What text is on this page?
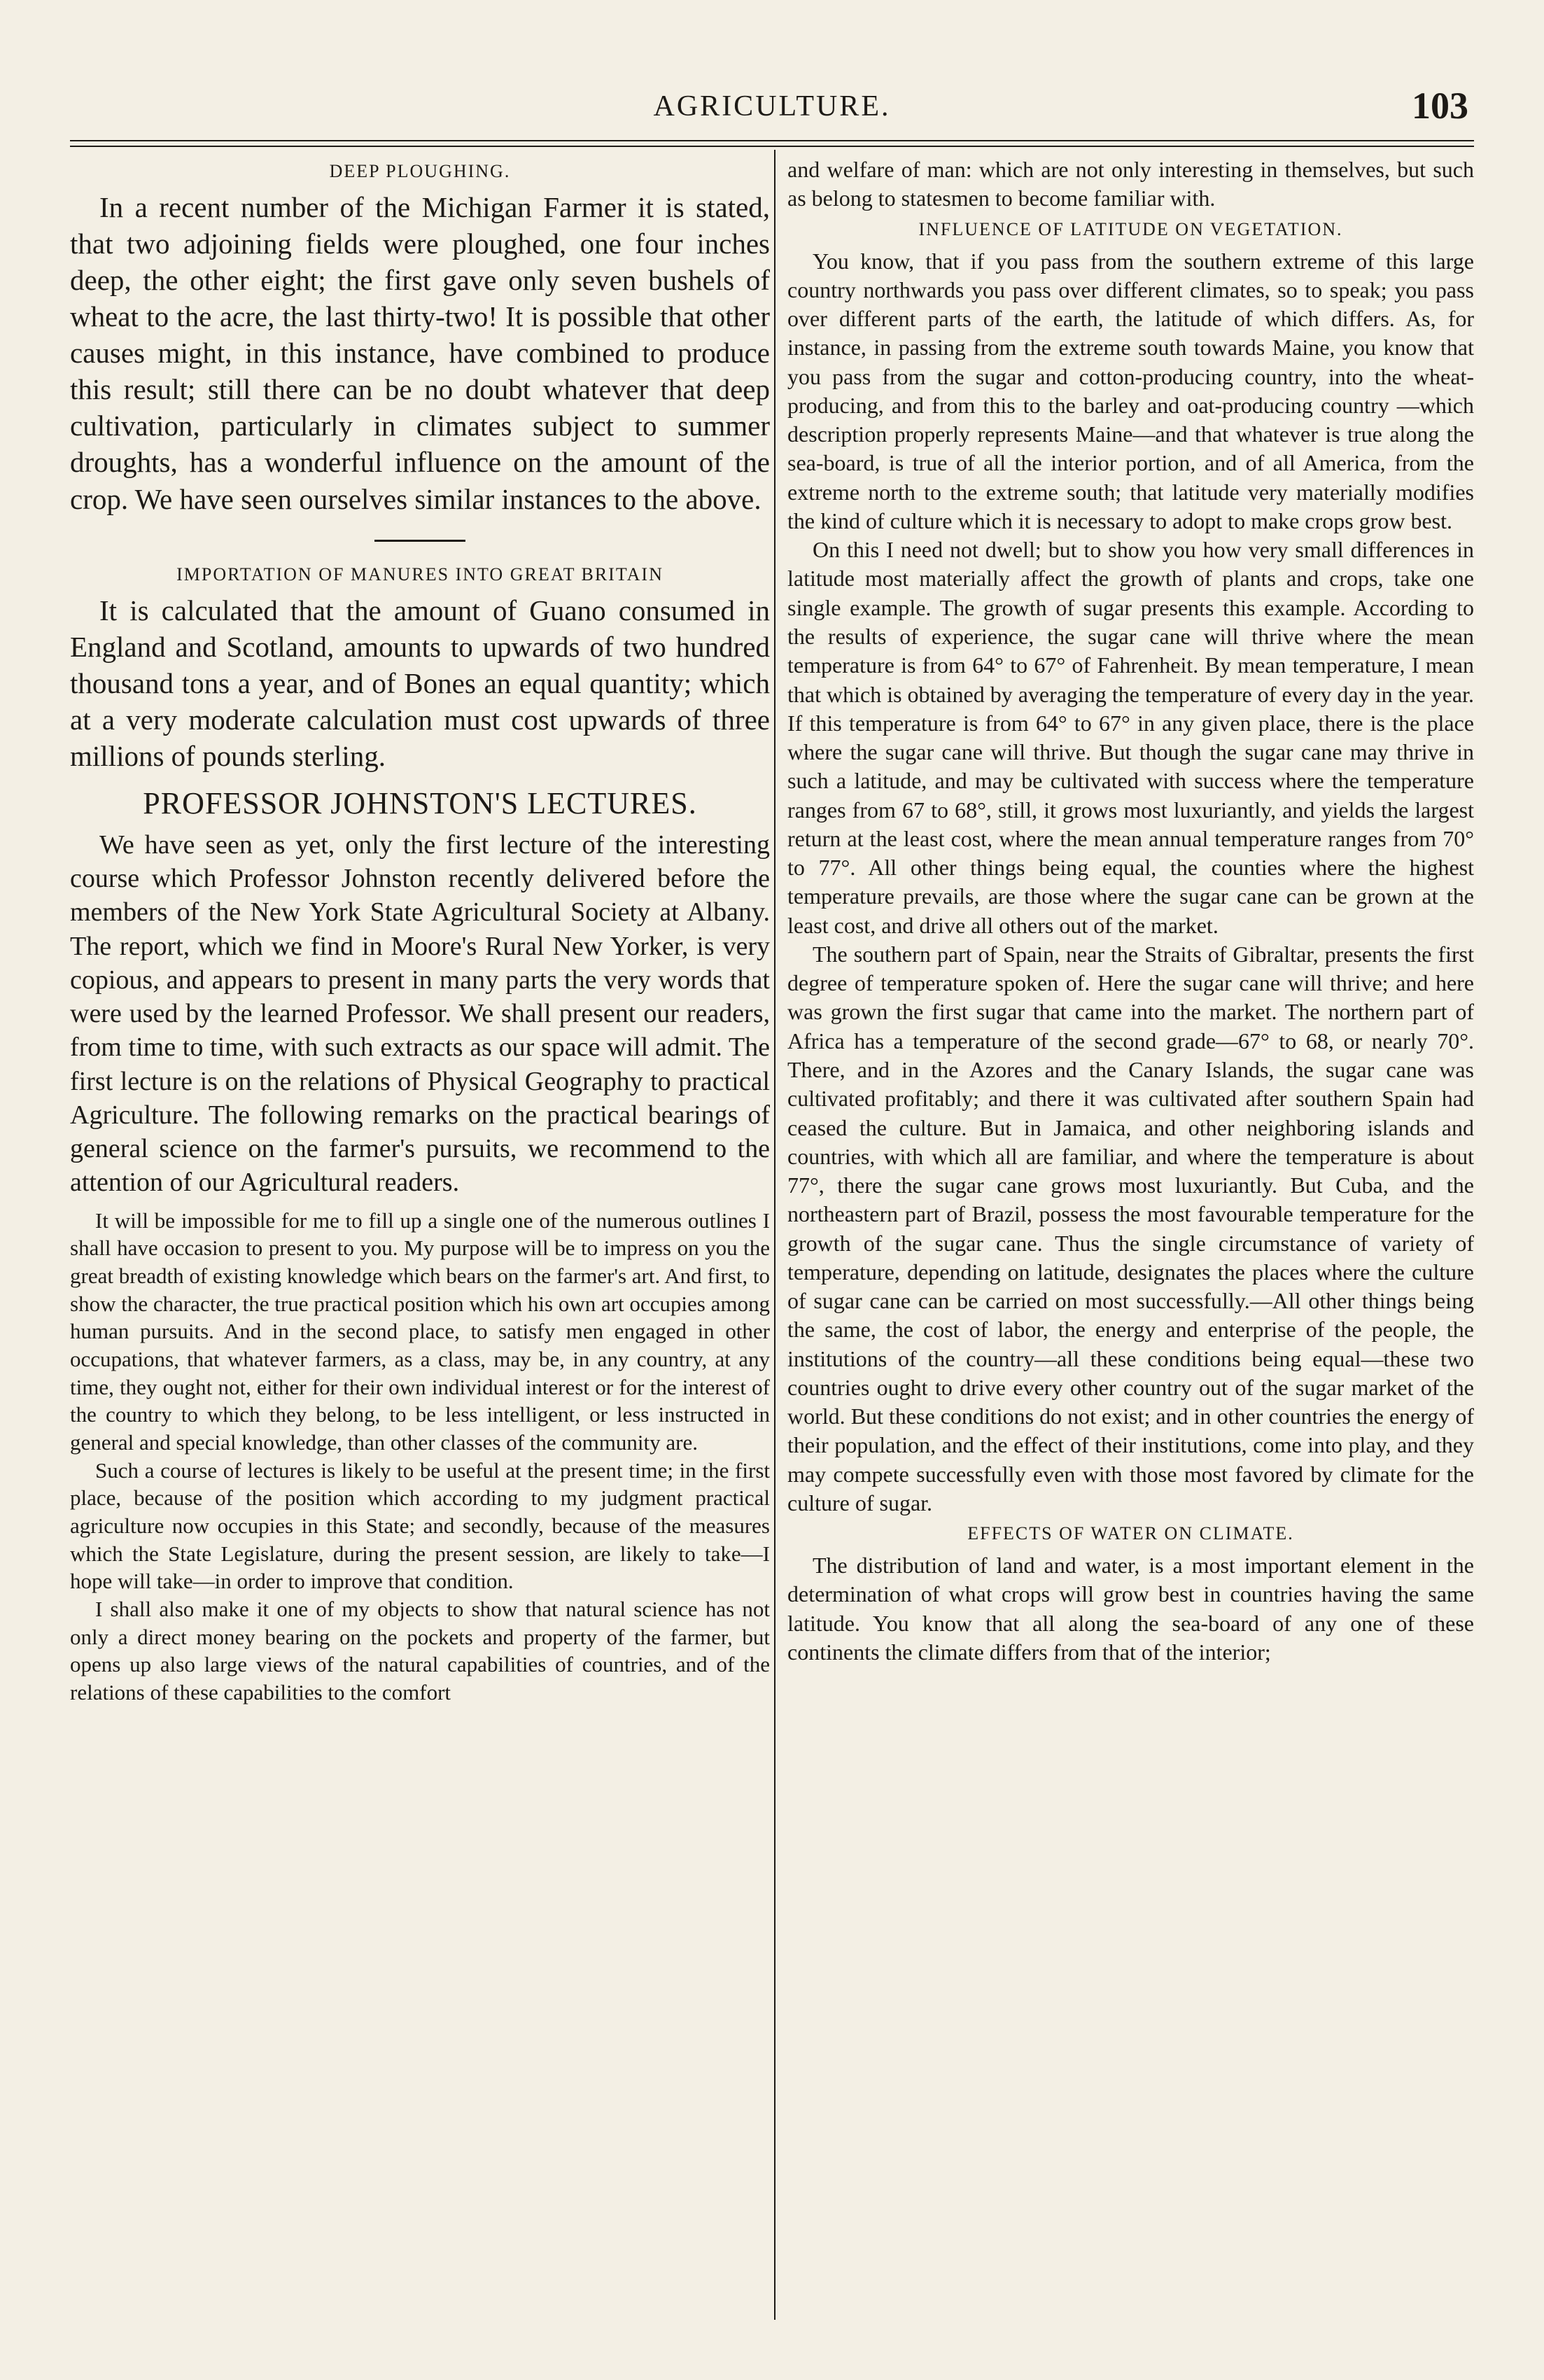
AGRICULTURE.	103
DEEP PLOUGHING.

In a recent number of the Michigan Farmer it is stated, that two adjoining fields were ploughed, one four inches deep, the other eight; the first gave only seven bushels of wheat to the acre, the last thirty-two! It is possible that other causes might, in this instance, have combined to produce this result; still there can be no doubt whatever that deep cultivation, particularly in climates subject to summer droughts, has a wonderful influence on the amount of the crop. We have seen ourselves similar instances to the above.

IMPORTATION OF MANURES INTO GREAT BRITAIN

It is calculated that the amount of Guano consumed in England and Scotland, amounts to upwards of two hundred thousand tons a year, and of Bones an equal quantity; which at a very moderate calculation must cost upwards of three millions of pounds sterling.

PROFESSOR JOHNSTON'S LECTURES.

We have seen as yet, only the first lecture of the interesting course which Professor Johnston recently delivered before the members of the New York State Agricultural Society at Albany. The report, which we find in Moore's Rural New Yorker, is very copious, and appears to present in many parts the very words that were used by the learned Professor. We shall present our readers, from time to time, with such extracts as our space will admit. The first lecture is on the relations of Physical Geography to practical Agriculture. The following remarks on the practical bearings of general science on the farmer's pursuits, we recommend to the attention of our Agricultural readers.

It will be impossible for me to fill up a single one of the numerous outlines I shall have occasion to present to you. My purpose will be to impress on you the great breadth of existing knowledge which bears on the farmer's art. And first, to show the character, the true practical position which his own art occupies among human pursuits. And in the second place, to satisfy men engaged in other occupations, that whatever farmers, as a class, may be, in any country, at any time, they ought not, either for their own individual interest or for the interest of the country to which they belong, to be less intelligent, or less instructed in general and special knowledge, than other classes of the community are.

Such a course of lectures is likely to be useful at the present time; in the first place, because of the position which according to my judgment practical agriculture now occupies in this State; and secondly, because of the measures which the State Legislature, during the present session, are likely to take—I hope will take—in order to improve that condition.

I shall also make it one of my objects to show that natural science has not only a direct money bearing on the pockets and property of the farmer, but opens up also large views of the natural capabilities of countries, and of the relations of these capabilities to the comfort

and welfare of man: which are not only interesting in themselves, but such as belong to statesmen to become familiar with.

INFLUENCE OF LATITUDE ON VEGETATION.

You know, that if you pass from the southern extreme of this large country northwards you pass over different climates, so to speak; you pass over different parts of the earth, the latitude of which differs. As, for instance, in passing from the extreme south towards Maine, you know that you pass from the sugar and cotton-producing country, into the wheat-producing, and from this to the barley and oat-producing country —which description properly represents Maine—and that whatever is true along the sea-board, is true of all the interior portion, and of all America, from the extreme north to the extreme south; that latitude very materially modifies the kind of culture which it is necessary to adopt to make crops grow best.

On this I need not dwell; but to show you how very small differences in latitude most materially affect the growth of plants and crops, take one single example. The growth of sugar presents this example. According to the results of experience, the sugar cane will thrive where the mean temperature is from 64° to 67° of Fahrenheit. By mean temperature, I mean that which is obtained by averaging the temperature of every day in the year. If this temperature is from 64° to 67° in any given place, there is the place where the sugar cane will thrive. But though the sugar cane may thrive in such a latitude, and may be cultivated with success where the temperature ranges from 67 to 68°, still, it grows most luxuriantly, and yields the largest return at the least cost, where the mean annual temperature ranges from 70° to 77°. All other things being equal, the counties where the highest temperature prevails, are those where the sugar cane can be grown at the least cost, and drive all others out of the market.

The southern part of Spain, near the Straits of Gibraltar, presents the first degree of temperature spoken of. Here the sugar cane will thrive; and here was grown the first sugar that came into the market. The northern part of Africa has a temperature of the second grade—67° to 68, or nearly 70°. There, and in the Azores and the Canary Islands, the sugar cane was cultivated profitably; and there it was cultivated after southern Spain had ceased the culture. But in Jamaica, and other neighboring islands and countries, with which all are familiar, and where the temperature is about 77°, there the sugar cane grows most luxuriantly. But Cuba, and the northeastern part of Brazil, possess the most favourable temperature for the growth of the sugar cane. Thus the single circumstance of variety of temperature, depending on latitude, designates the places where the culture of sugar cane can be carried on most successfully.—All other things being the same, the cost of labor, the energy and enterprise of the people, the institutions of the country—all these conditions being equal—these two countries ought to drive every other country out of the sugar market of the world. But these conditions do not exist; and in other countries the energy of their population, and the effect of their institutions, come into play, and they may compete successfully even with those most favored by climate for the culture of sugar.

EFFECTS OF WATER ON CLIMATE.

The distribution of land and water, is a most important element in the determination of what crops will grow best in countries having the same latitude. You know that all along the sea-board of any one of these continents the climate differs from that of the interior;
